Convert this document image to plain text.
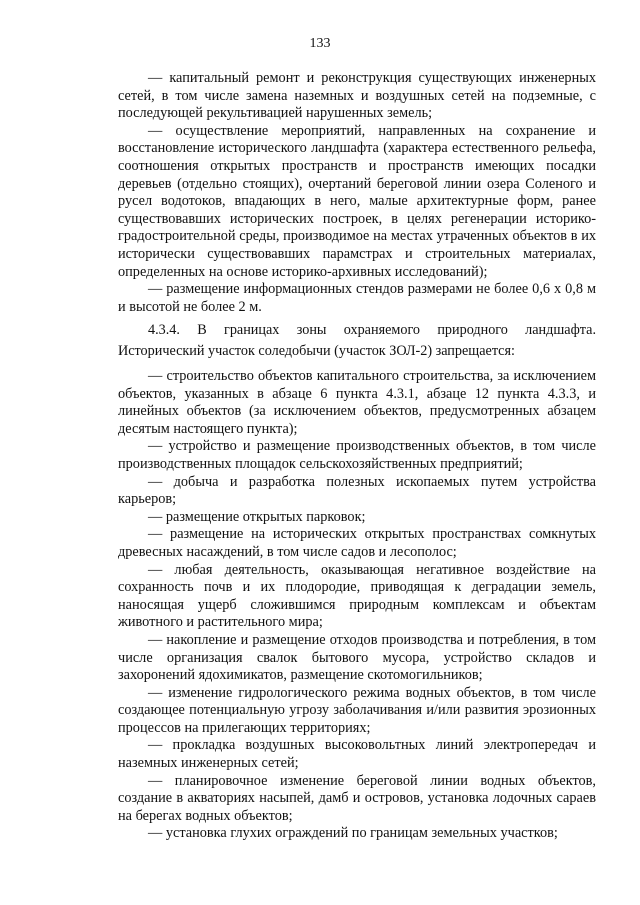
133

— капитальный ремонт и реконструкция существующих инженерных сетей, в том числе замена наземных и воздушных сетей на подземные, с последующей рекультивацией нарушенных земель;

— осуществление мероприятий, направленных на сохранение и восстановление исторического ландшафта (характера естественного рельефа, соотношения открытых пространств и пространств имеющих посадки деревьев (отдельно стоящих), очертаний береговой линии озера Соленого и русел водотоков, впадающих в него, малые архитектурные форм, ранее существовавших исторических построек, в целях регенерации историко-градостроительной среды, производимое на местах утраченных объектов в их исторически существовавших парамстрах и строительных материалах, определенных на основе историко-архивных исследований);

— размещение информационных стендов размерами не более 0,6 х 0,8 м и высотой не более 2 м.

4.3.4. В границах зоны охраняемого природного ландшафта. Исторический участок соледобычи (участок ЗОЛ-2) запрещается:

— строительство объектов капитального строительства, за исключением объектов, указанных в абзаце 6 пункта 4.3.1, абзаце 12 пункта 4.3.3, и линейных объектов (за исключением объектов, предусмотренных абзацем десятым настоящего пункта);

— устройство и размещение производственных объектов, в том числе производственных площадок сельскохозяйственных предприятий;

— добыча и разработка полезных ископаемых путем устройства карьеров;

— размещение открытых парковок;

— размещение на исторических открытых пространствах сомкнутых древесных насаждений, в том числе садов и лесополос;

— любая деятельность, оказывающая негативное воздействие на сохранность почв и их плодородие, приводящая к деградации земель, наносящая ущерб сложившимся природным комплексам и объектам животного и растительного мира;

— накопление и размещение отходов производства и потребления, в том числе организация свалок бытового мусора, устройство складов и захоронений ядохимикатов, размещение скотомогильников;

— изменение гидрологического режима водных объектов, в том числе создающее потенциальную угрозу заболачивания и/или развития эрозионных процессов на прилегающих территориях;

— прокладка воздушных высоковольтных линий электропередач и наземных инженерных сетей;

— планировочное изменение береговой линии водных объектов, создание в акваториях насыпей, дамб и островов, установка лодочных сараев на берегах водных объектов;

— установка глухих ограждений по границам земельных участков;
